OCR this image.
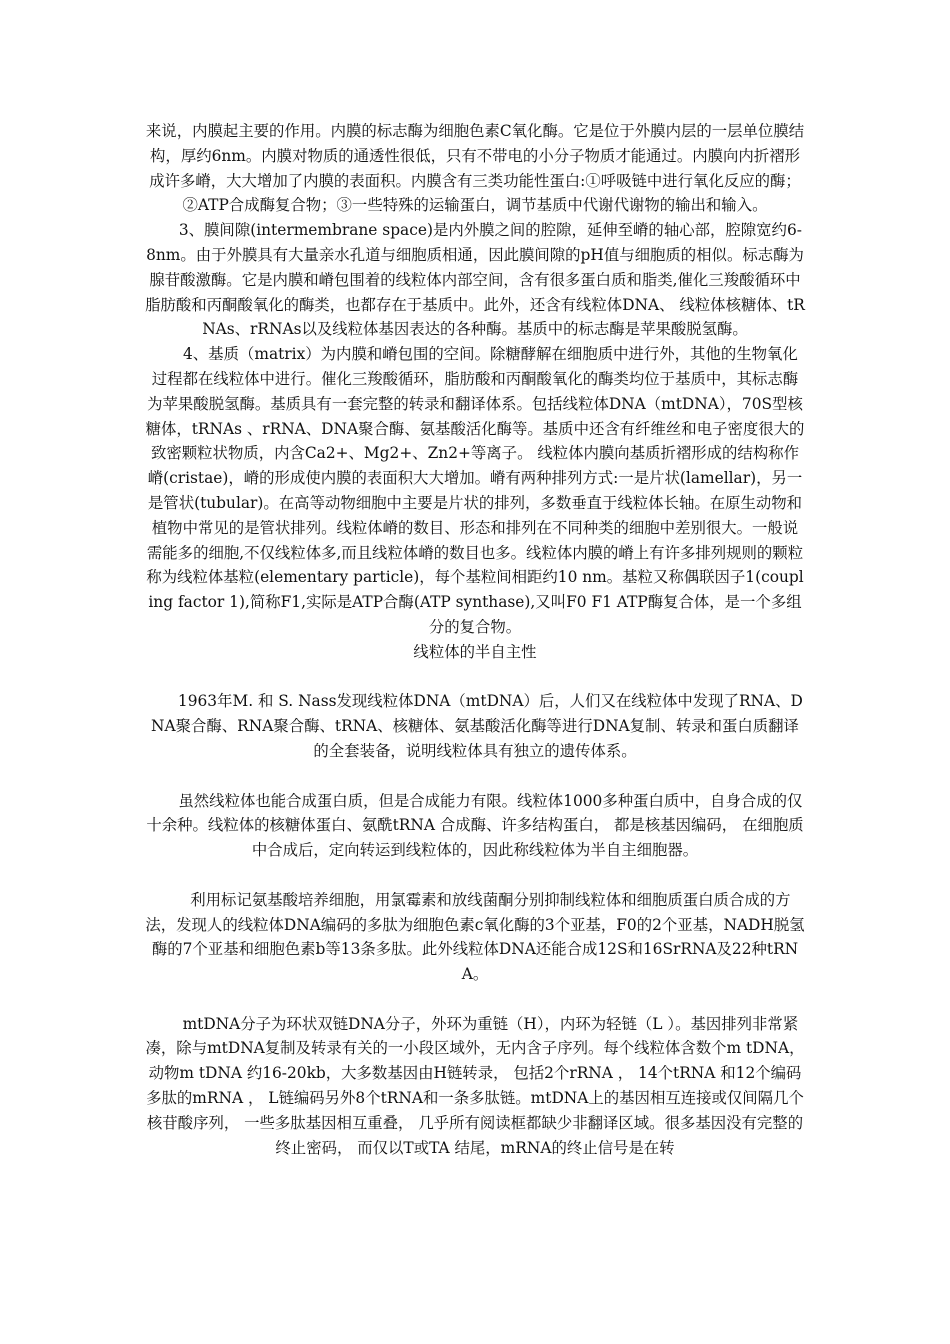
来说，内膜起主要的作用。内膜的标志酶为细胞色素C氧化酶。它是位于外膜内层的一层单位膜结构，厚约6nm。内膜对物质的通透性很低，只有不带电的小分子物质才能通过。内膜向内折褶形成许多嵴，大大增加了内膜的表面积。内膜含有三类功能性蛋白:①呼吸链中进行氧化反应的酶；②ATP合成酶复合物；③一些特殊的运输蛋白，调节基质中代谢代谢物的输出和输入。

3、膜间隙(intermembrane space)是内外膜之间的腔隙，延伸至嵴的轴心部，腔隙宽约6-8nm。由于外膜具有大量亲水孔道与细胞质相通，因此膜间隙的pH值与细胞质的相似。标志酶为腺苷酸激酶。它是内膜和嵴包围着的线粒体内部空间，含有很多蛋白质和脂类,催化三羧酸循环中脂肪酸和丙酮酸氧化的酶类，也都存在于基质中。此外，还含有线粒体DNA、 线粒体核糖体、tRNAs、rRNAs以及线粒体基因表达的各种酶。基质中的标志酶是苹果酸脱氢酶。

4、基质（matrix）为内膜和嵴包围的空间。除糖酵解在细胞质中进行外，其他的生物氧化过程都在线粒体中进行。催化三羧酸循环，脂肪酸和丙酮酸氧化的酶类均位于基质中，其标志酶为苹果酸脱氢酶。基质具有一套完整的转录和翻译体系。包括线粒体DNA（mtDNA），70S型核糖体，tRNAs 、rRNA、DNA聚合酶、氨基酸活化酶等。基质中还含有纤维丝和电子密度很大的致密颗粒状物质，内含Ca2+、Mg2+、Zn2+等离子。 线粒体内膜向基质折褶形成的结构称作嵴(cristae)，嵴的形成使内膜的表面积大大增加。嵴有两种排列方式:一是片状(lamellar)，另一是管状(tubular)。在高等动物细胞中主要是片状的排列，多数垂直于线粒体长轴。在原生动物和植物中常见的是管状排列。线粒体嵴的数目、形态和排列在不同种类的细胞中差别很大。一般说需能多的细胞,不仅线粒体多,而且线粒体嵴的数目也多。线粒体内膜的嵴上有许多排列规则的颗粒称为线粒体基粒(elementary particle)，每个基粒间相距约10 nm。基粒又称偶联因子1(coupling factor 1),简称F1,实际是ATP合酶(ATP synthase),又叫F0 F1 ATP酶复合体，是一个多组分的复合物。

线粒体的半自主性

1963年M. 和 S. Nass发现线粒体DNA（mtDNA）后，人们又在线粒体中发现了RNA、DNA聚合酶、RNA聚合酶、tRNA、核糖体、氨基酸活化酶等进行DNA复制、转录和蛋白质翻译的全套装备，说明线粒体具有独立的遗传体系。

虽然线粒体也能合成蛋白质，但是合成能力有限。线粒体1000多种蛋白质中，自身合成的仅十余种。线粒体的核糖体蛋白、氨酰tRNA 合成酶、许多结构蛋白， 都是核基因编码， 在细胞质中合成后，定向转运到线粒体的，因此称线粒体为半自主细胞器。

利用标记氨基酸培养细胞，用氯霉素和放线菌酮分别抑制线粒体和细胞质蛋白质合成的方法，发现人的线粒体DNA编码的多肽为细胞色素c氧化酶的3个亚基，F0的2个亚基，NADH脱氢酶的7个亚基和细胞色素b等13条多肽。此外线粒体DNA还能合成12S和16SrRNA及22种tRNA。

mtDNA分子为环状双链DNA分子，外环为重链（H），内环为轻链（L ）。基因排列非常紧凑，除与mtDNA复制及转录有关的一小段区域外，无内含子序列。每个线粒体含数个m tDNA，动物m tDNA 约16-20kb，大多数基因由H链转录， 包括2个rRNA ， 14个tRNA 和12个编码多肽的mRNA ， L链编码另外8个tRNA和一条多肽链。mtDNA上的基因相互连接或仅间隔几个核苷酸序列， 一些多肽基因相互重叠， 几乎所有阅读框都缺少非翻译区域。很多基因没有完整的终止密码， 而仅以T或TA 结尾，mRNA的终止信号是在转
